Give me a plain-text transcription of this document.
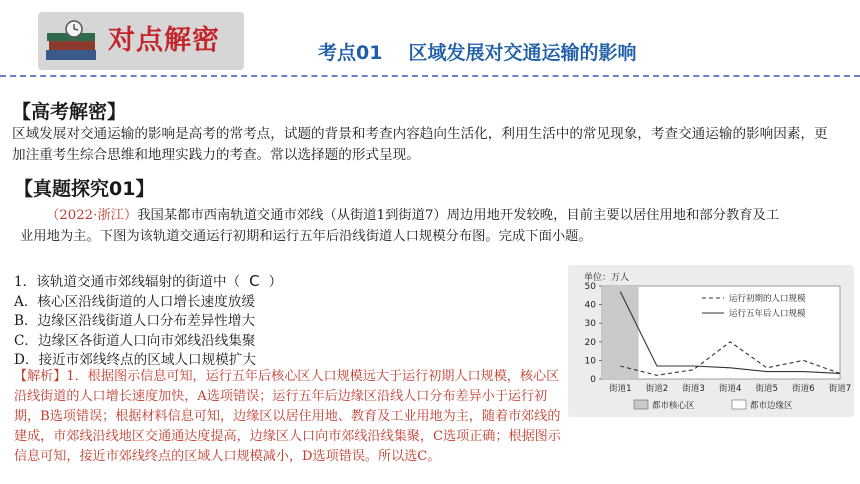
对点解密	考点01 区域发展对交通运输的影响
【高考解密】
区域发展对交通运输的影响是高考的常考点，试题的背景和考查内容趋向生活化，利用生活中的常见现象，考查交通运输的影响因素，更加注重考生综合思维和地理实践力的考查。常以选择题的形式呈现。
【真题探究01】
（2022·浙江）我国某都市西南轨道交通市郊线（从街道1到街道7）周边用地开发较晚，目前主要以居住用地和部分教育及工业用地为主。下图为该轨道交通运行初期和运行五年后沿线街道人口规模分布图。完成下面小题。
1．该轨道交通市郊线辐射的街道中（ C ）
A．核心区沿线街道的人口增长速度放缓
B．边缘区沿线街道人口分布差异性增大
C．边缘区各街道人口向市郊线沿线集聚
D．接近市郊线终点的区域人口规模扩大
【解析】1．根据图示信息可知，运行五年后核心区人口规模远大于运行初期人口规模，核心区沿线街道的人口增长速度加快，A选项错误；运行五年后边缘区沿线人口分布差异小于运行初期，B选项错误；根据材料信息可知，边缘区以居住用地、教育及工业用地为主，随着市郊线的建成，市郊线沿线地区交通通达度提高，边缘区人口向市郊线沿线集聚，C选项正确；根据图示信息可知，接近市郊线终点的区域人口规模减小，D选项错误。所以选C。
单位：万人
0
10
20
30
40
50
街道1 街道2 街道3 街道4 街道5 街道6 街道7
运行初期的人口规模
运行五年后人口规模
都市核心区	都市边缘区
